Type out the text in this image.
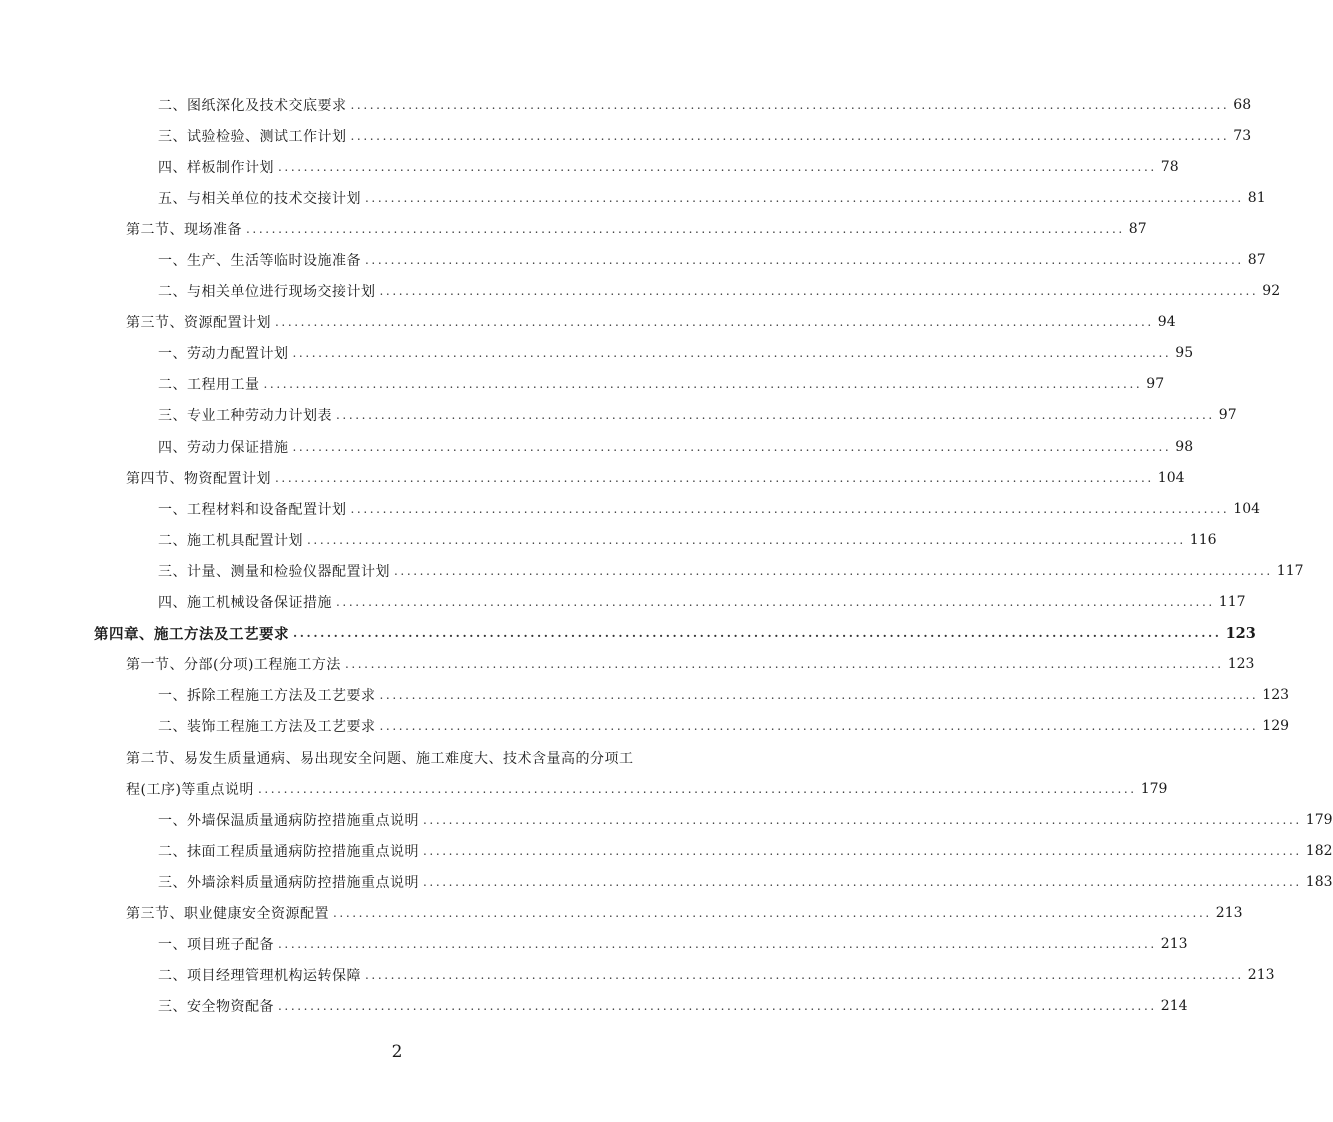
二、图纸深化及技术交底要求 ......................................................................................................................................... 68
三、试验检验、测试工作计划 ......................................................................................................................................... 73
四、样板制作计划 ......................................................................................................................................... 78
五、与相关单位的技术交接计划 ......................................................................................................................................... 81
第二节、现场准备 ......................................................................................................................................... 87
一、生产、生活等临时设施准备 ......................................................................................................................................... 87
二、与相关单位进行现场交接计划 ......................................................................................................................................... 92
第三节、资源配置计划 ......................................................................................................................................... 94
一、劳动力配置计划 ......................................................................................................................................... 95
二、工程用工量 ......................................................................................................................................... 97
三、专业工种劳动力计划表 ......................................................................................................................................... 97
四、劳动力保证措施 ......................................................................................................................................... 98
第四节、物资配置计划 ......................................................................................................................................... 104
一、工程材料和设备配置计划 ......................................................................................................................................... 104
二、施工机具配置计划 ......................................................................................................................................... 116
三、计量、测量和检验仪器配置计划 ......................................................................................................................................... 117
四、施工机械设备保证措施 ......................................................................................................................................... 117
第四章、施工方法及工艺要求 ......................................................................................................................................... 123
第一节、分部(分项)工程施工方法 ......................................................................................................................................... 123
一、拆除工程施工方法及工艺要求 ......................................................................................................................................... 123
二、装饰工程施工方法及工艺要求 ......................................................................................................................................... 129
第二节、易发生质量通病、易出现安全问题、施工难度大、技术含量高的分项工
程(工序)等重点说明 ......................................................................................................................................... 179
一、外墙保温质量通病防控措施重点说明 ......................................................................................................................................... 179
二、抹面工程质量通病防控措施重点说明 ......................................................................................................................................... 182
三、外墙涂料质量通病防控措施重点说明 ......................................................................................................................................... 183
第三节、职业健康安全资源配置 ......................................................................................................................................... 213
一、项目班子配备 ......................................................................................................................................... 213
二、项目经理管理机构运转保障 ......................................................................................................................................... 213
三、安全物资配备 ......................................................................................................................................... 214
2
